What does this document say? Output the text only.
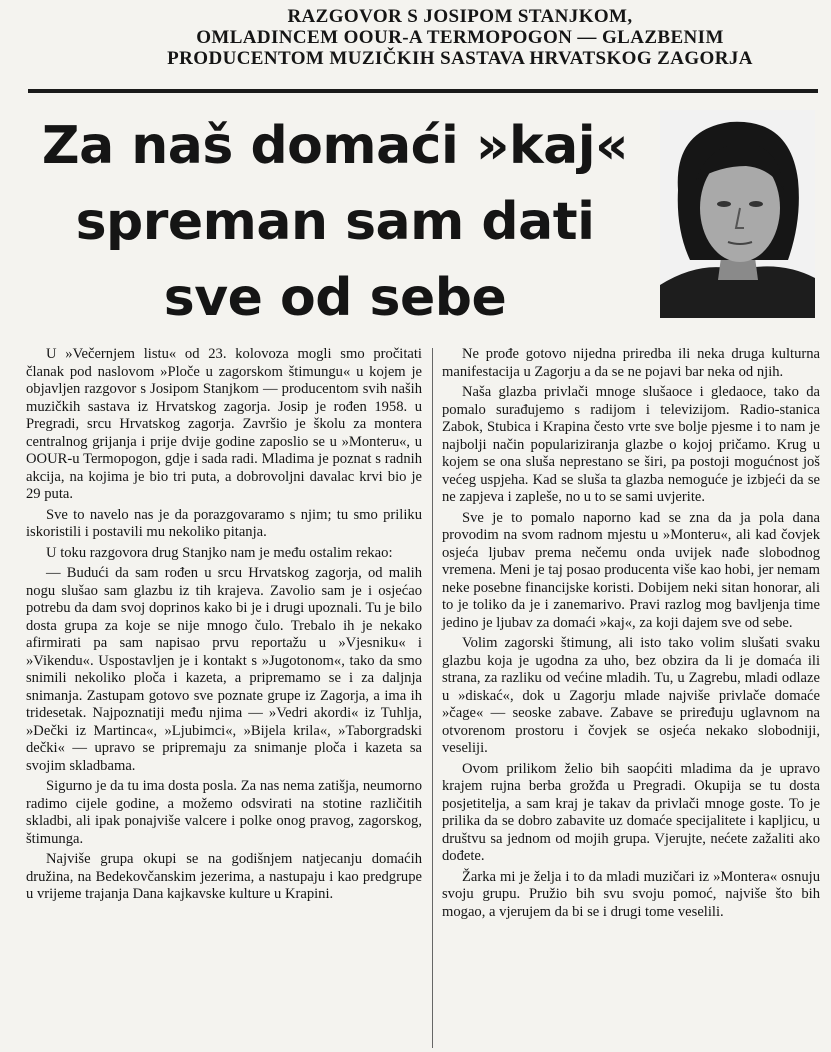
RAZGOVOR S JOSIPOM STANJKOM,
OMLADINCEM OOUR-A TERMOPOGON — GLAZBENIM
PRODUCENTOM MUZIČKIH SASTAVA HRVATSKOG ZAGORJA
Za naš domaći »kaj«
spreman sam dati
sve od sebe

U »Večernjem listu« od 23. kolovoza mogli smo pročitati članak pod naslovom »Ploče u zagorskom štimungu« u kojem je objavljen razgovor s Josipom Stanjkom — producentom svih naših muzičkih sastava iz Hrvatskog zagorja. Josip je rođen 1958. u Pregradi, srcu Hrvatskog zagorja. Završio je školu za montera centralnog grijanja i prije dvije godine zaposlio se u »Monteru«, u OOUR-u Termopogon, gdje i sada radi. Mladima je poznat s radnih akcija, na kojima je bio tri puta, a dobrovoljni davalac krvi bio je 29 puta.

Sve to navelo nas je da porazgovaramo s njim; tu smo priliku iskoristili i postavili mu nekoliko pitanja.

U toku razgovora drug Stanjko nam je među ostalim rekao:

— Budući da sam rođen u srcu Hrvatskog zagorja, od malih nogu slušao sam glazbu iz tih krajeva. Zavolio sam je i osjećao potrebu da dam svoj doprinos kako bi je i drugi upoznali. Tu je bilo dosta grupa za koje se nije mnogo čulo. Trebalo ih je nekako afirmirati pa sam napisao prvu reportažu u »Vjesniku« i »Vikendu«. Uspostavljen je i kontakt s »Jugotonom«, tako da smo snimili nekoliko ploča i kazeta, a pripremamo se i za daljnja snimanja. Zastupam gotovo sve poznate grupe iz Zagorja, a ima ih tridesetak. Najpoznatiji među njima — »Vedri akordi« iz Tuhlja, »Dečki iz Martinca«, »Ljubimci«, »Bijela krila«, »Taborgradski dečki« — upravo se pripremaju za snimanje ploča i kazeta sa svojim skladbama.

Sigurno je da tu ima dosta posla. Za nas nema zatišja, neumorno radimo cijele godine, a možemo odsvirati na stotine različitih skladbi, ali ipak ponajviše valcere i polke onog pravog, zagorskog, štimunga.

Najviše grupa okupi se na godišnjem natjecanju domaćih družina, na Bedekovčanskim jezerima, a nastupaju i kao predgrupe u vrijeme trajanja Dana kajkavske kulture u Krapini.

Ne prođe gotovo nijedna priredba ili neka druga kulturna manifestacija u Zagorju a da se ne pojavi bar neka od njih.

Naša glazba privlači mnoge slušaoce i gledaoce, tako da pomalo surađujemo s radijom i televizijom. Radio-stanica Zabok, Stubica i Krapina često vrte sve bolje pjesme i to nam je najbolji način populariziranja glazbe o kojoj pričamo. Krug u kojem se ona sluša neprestano se širi, pa postoji mogućnost još većeg uspjeha. Kad se sluša ta glazba nemoguće je izbjeći da se ne zapjeva i zapleše, no u to se sami uvjerite.

Sve je to pomalo naporno kad se zna da ja pola dana provodim na svom radnom mjestu u »Monteru«, ali kad čovjek osjeća ljubav prema nečemu onda uvijek nađe slobodnog vremena. Meni je taj posao producenta više kao hobi, jer nemam neke posebne financijske koristi. Dobijem neki sitan honorar, ali to je toliko da je i zanemarivo. Pravi razlog mog bavljenja time jedino je ljubav za domaći »kaj«, za koji dajem sve od sebe.

Volim zagorski štimung, ali isto tako volim slušati svaku glazbu koja je ugodna za uho, bez obzira da li je domaća ili strana, za razliku od većine mladih. Tu, u Zagrebu, mladi odlaze u »diskać«, dok u Zagorju mlade najviše privlače domaće »čage« — seoske zabave. Zabave se priređuju uglavnom na otvorenom prostoru i čovjek se osjeća nekako slobodniji, veseliji.

Ovom prilikom želio bih saopćiti mladima da je upravo krajem rujna berba grožđa u Pregradi. Okupija se tu dosta posjetitelja, a sam kraj je takav da privlači mnoge goste. To je prilika da se dobro zabavite uz domaće specijalitete i kapljicu, u društvu sa jednom od mojih grupa. Vjerujte, nećete zažaliti ako dođete.

Žarka mi je želja i to da mladi muzičari iz »Montera« osnuju svoju grupu. Pružio bih svu svoju pomoć, najviše što bih mogao, a vjerujem da bi se i drugi tome veselili.
